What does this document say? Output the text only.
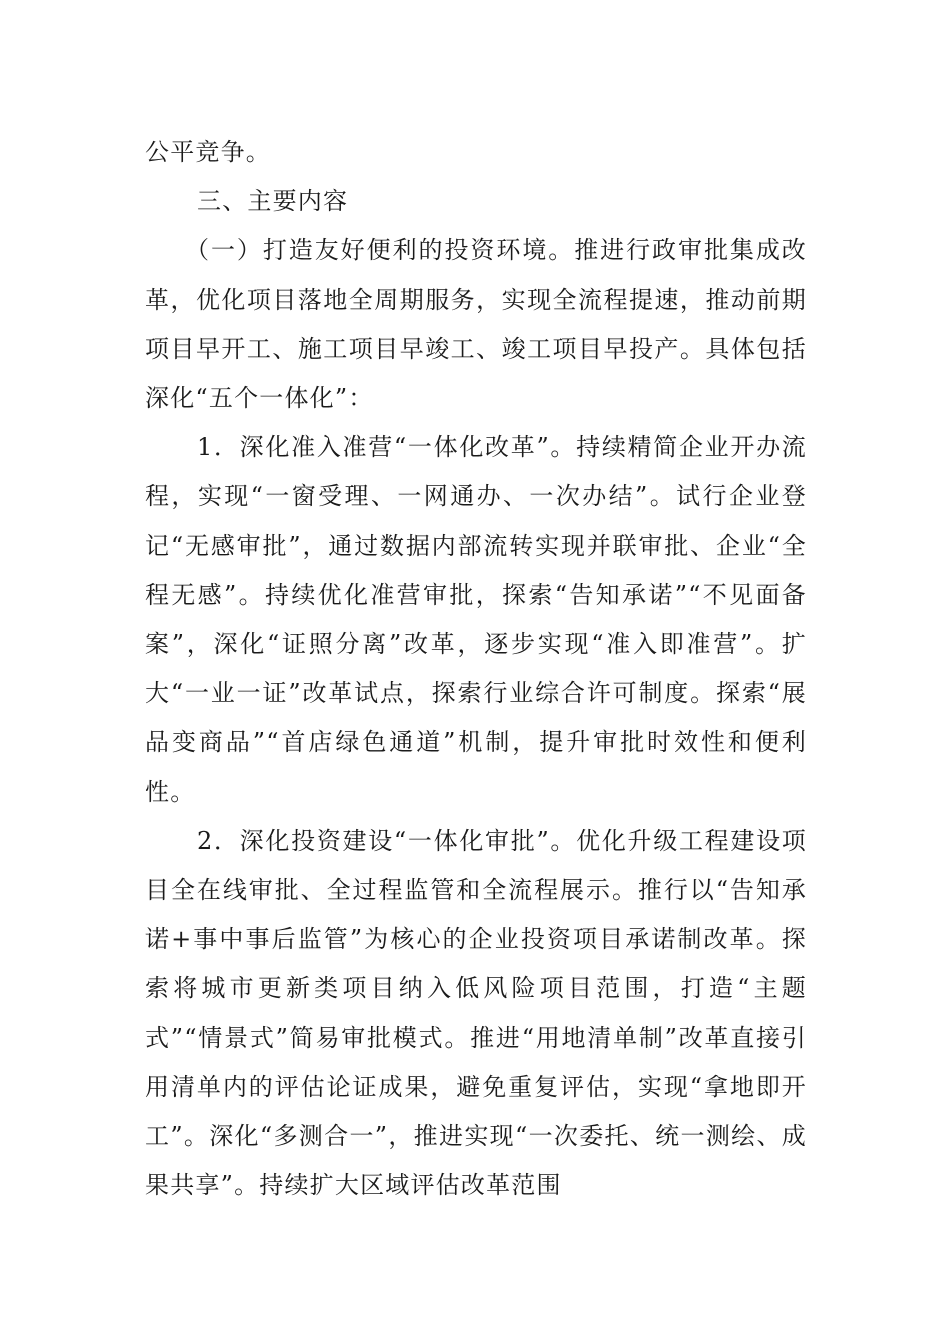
公平竞争。

三、主要内容

（一）打造友好便利的投资环境。推进行政审批集成改革，优化项目落地全周期服务，实现全流程提速，推动前期项目早开工、施工项目早竣工、竣工项目早投产。具体包括深化“五个一体化”：

1．深化准入准营“一体化改革”。持续精简企业开办流程，实现“一窗受理、一网通办、一次办结”。试行企业登记“无感审批”，通过数据内部流转实现并联审批、企业“全程无感”。持续优化准营审批，探索“告知承诺”“不见面备案”，深化“证照分离”改革，逐步实现“准入即准营”。扩大“一业一证”改革试点，探索行业综合许可制度。探索“展品变商品”“首店绿色通道”机制，提升审批时效性和便利性。

2．深化投资建设“一体化审批”。优化升级工程建设项目全在线审批、全过程监管和全流程展示。推行以“告知承诺+事中事后监管”为核心的企业投资项目承诺制改革。探索将城市更新类项目纳入低风险项目范围，打造“主题式”“情景式”简易审批模式。推进“用地清单制”改革直接引用清单内的评估论证成果，避免重复评估，实现“拿地即开工”。深化“多测合一”，推进实现“一次委托、统一测绘、成果共享”。持续扩大区域评估改革范围
